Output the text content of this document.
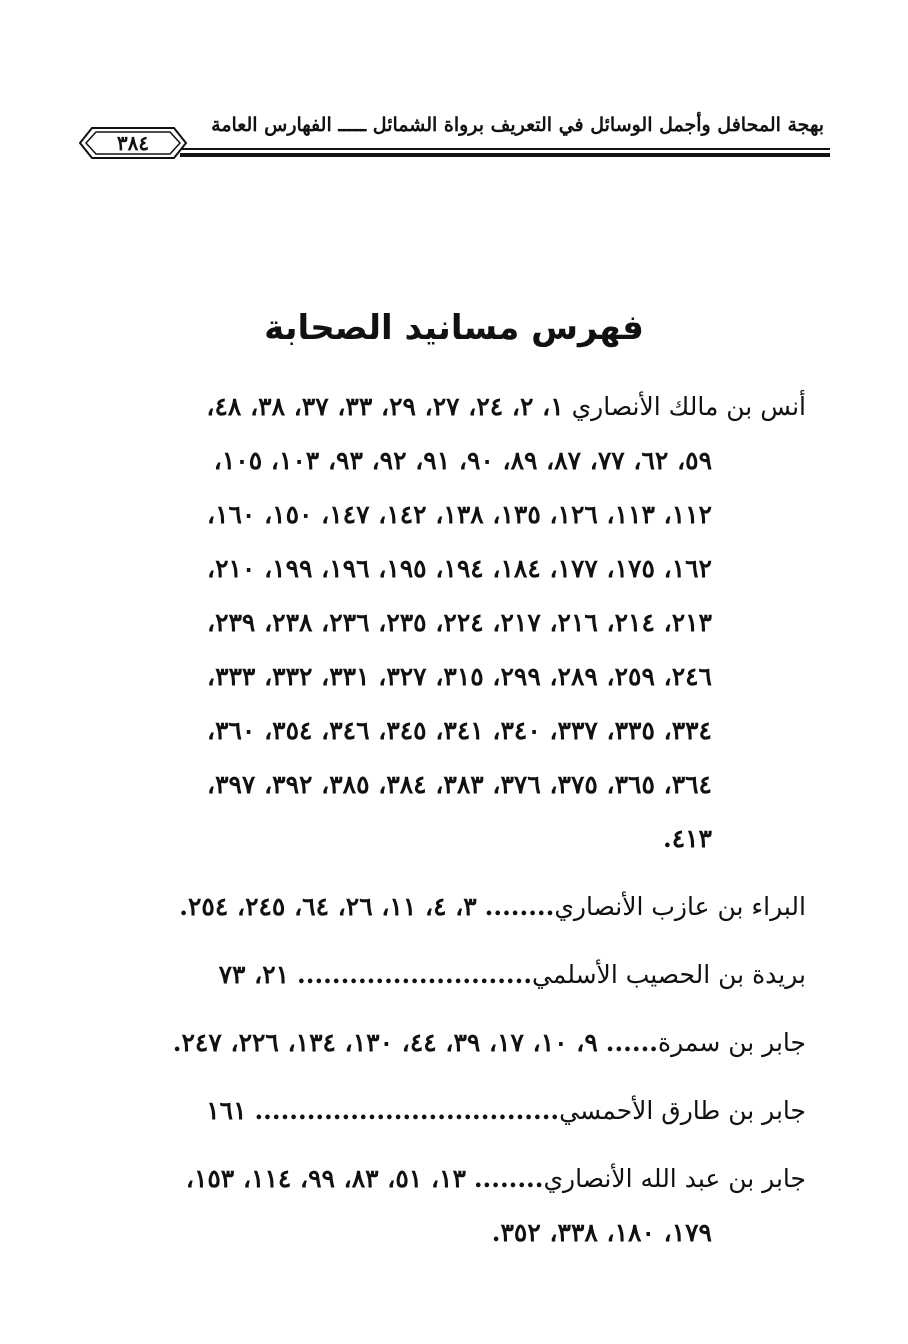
بهجة المحافل وأجمل الوسائل في التعريف برواة الشمائل ـــــ الفهارس العامة
٣٨٤
فهرس مسانيد الصحابة
أنس بن مالك الأنصاري ١، ٢، ٢٤، ٢٧، ٢٩، ٣٣، ٣٧، ٣٨، ٤٨،
٥٩، ٦٢، ٧٧، ٨٧، ٨٩، ٩٠، ٩١، ٩٢، ٩٣، ١٠٣، ١٠٥،
١١٢، ١١٣، ١٢٦، ١٣٥، ١٣٨، ١٤٢، ١٤٧، ١٥٠، ١٦٠،
١٦٢، ١٧٥، ١٧٧، ١٨٤، ١٩٤، ١٩٥، ١٩٦، ١٩٩، ٢١٠،
٢١٣، ٢١٤، ٢١٦، ٢١٧، ٢٢٤، ٢٣٥، ٢٣٦، ٢٣٨، ٢٣٩،
٢٤٦، ٢٥٩، ٢٨٩، ٢٩٩، ٣١٥، ٣٢٧، ٣٣١، ٣٣٢، ٣٣٣،
٣٣٤، ٣٣٥، ٣٣٧، ٣٤٠، ٣٤١، ٣٤٥، ٣٤٦، ٣٥٤، ٣٦٠،
٣٦٤، ٣٦٥، ٣٧٥، ٣٧٦، ٣٨٣، ٣٨٤، ٣٨٥، ٣٩٢، ٣٩٧،
٤١٣.
البراء بن عازب الأنصاري........ ٣، ٤، ١١، ٢٦، ٦٤، ٢٤٥، ٢٥٤.
بريدة بن الحصيب الأسلمي........................... ٢١، ٧٣
جابر بن سمرة...... ٩، ١٠، ١٧، ٣٩، ٤٤، ١٣٠، ١٣٤، ٢٢٦، ٢٤٧.
جابر بن طارق الأحمسي................................... ١٦١
جابر بن عبد الله الأنصاري........ ١٣، ٥١، ٨٣، ٩٩، ١١٤، ١٥٣،
١٧٩، ١٨٠، ٣٣٨، ٣٥٢.
